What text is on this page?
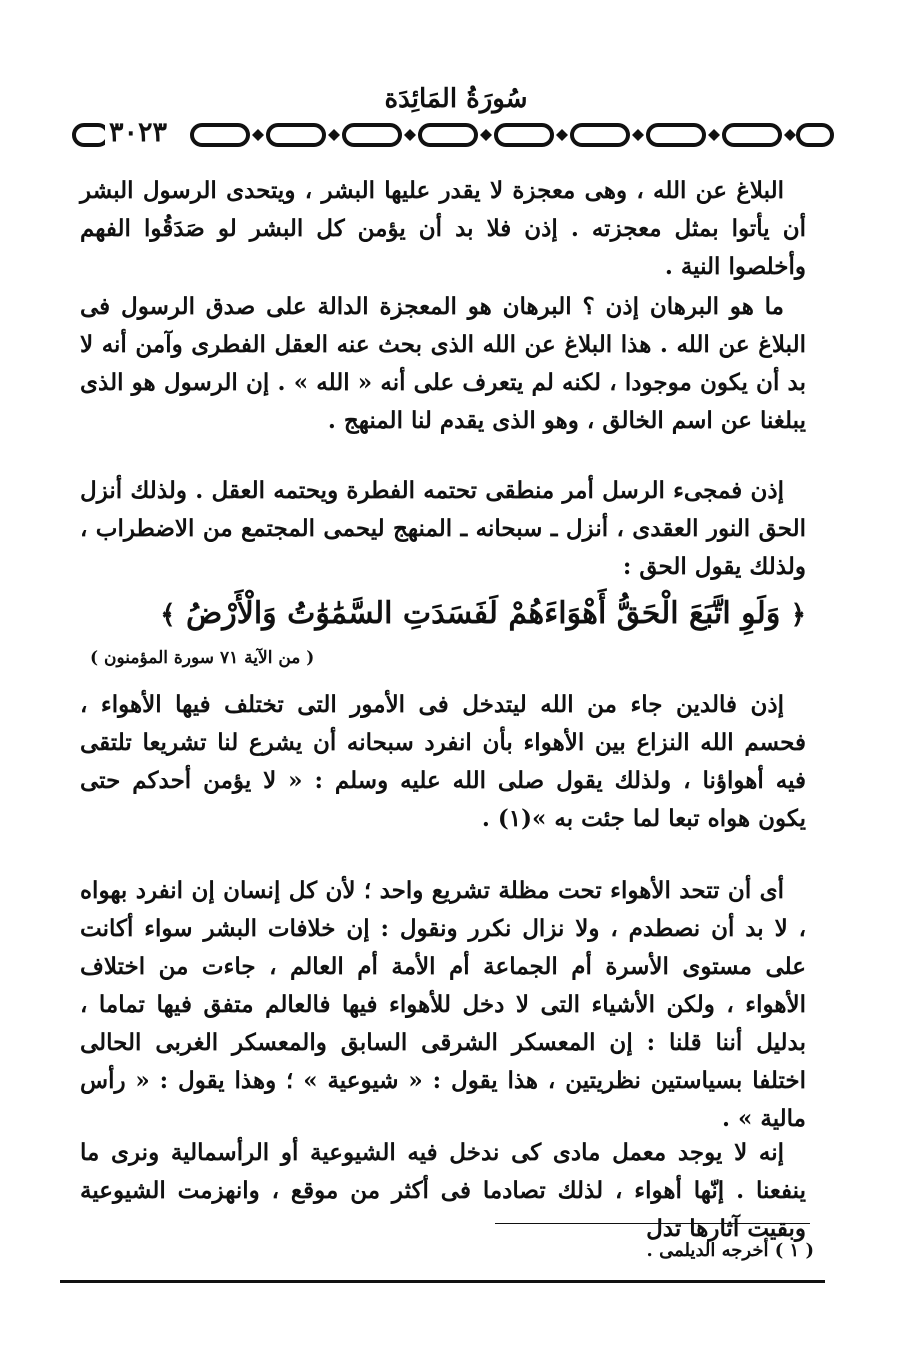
سُورَةُ المَائِدَة
٣٠٢٣

البلاغ عن الله ، وهى معجزة لا يقدر عليها البشر ، ويتحدى الرسول البشر أن يأتوا بمثل معجزته . إذن فلا بد أن يؤمن كل البشر لو صَدَقُوا الفهم وأخلصوا النية .

ما هو البرهان إذن ؟ البرهان هو المعجزة الدالة على صدق الرسول فى البلاغ عن الله . هذا البلاغ عن الله الذى بحث عنه العقل الفطرى وآمن أنه لا بد أن يكون موجودا ، لكنه لم يتعرف على أنه « الله » . إن الرسول هو الذى يبلغنا عن اسم الخالق ، وهو الذى يقدم لنا المنهج .

إذن فمجىء الرسل أمر منطقى تحتمه الفطرة ويحتمه العقل . ولذلك أنزل الحق النور العقدى ، أنزل ـ سبحانه ـ المنهج ليحمى المجتمع من الاضطراب ، ولذلك يقول الحق :

﴿ وَلَوِ اتَّبَعَ الْحَقُّ أَهْوَاءَهُمْ لَفَسَدَتِ السَّمَٰوَٰتُ وَالْأَرْضُ ﴾
( من الآية ٧١ سورة المؤمنون )

إذن فالدين جاء من الله ليتدخل فى الأمور التى تختلف فيها الأهواء ، فحسم الله النزاع بين الأهواء بأن انفرد سبحانه أن يشرع لنا تشريعا تلتقى فيه أهواؤنا ، ولذلك يقول صلى الله عليه وسلم : « لا يؤمن أحدكم حتى يكون هواه تبعا لما جئت به »(١) .

أى أن تتحد الأهواء تحت مظلة تشريع واحد ؛ لأن كل إنسان إن انفرد بهواه ، لا بد أن نصطدم ، ولا نزال نكرر ونقول : إن خلافات البشر سواء أكانت على مستوى الأسرة أم الجماعة أم الأمة أم العالم ، جاءت من اختلاف الأهواء ، ولكن الأشياء التى لا دخل للأهواء فيها فالعالم متفق فيها تماما ، بدليل أننا قلنا : إن المعسكر الشرقى السابق والمعسكر الغربى الحالى اختلفا بسياستين نظريتين ، هذا يقول : « شيوعية » ؛ وهذا يقول : « رأس مالية » .

إنه لا يوجد معمل مادى كى ندخل فيه الشيوعية أو الرأسمالية ونرى ما ينفعنا . إنّها أهواء ، لذلك تصادما فى أكثر من موقع ، وانهزمت الشيوعية وبقيت آثارها تدل

( ١ ) أخرجه الديلمى .
